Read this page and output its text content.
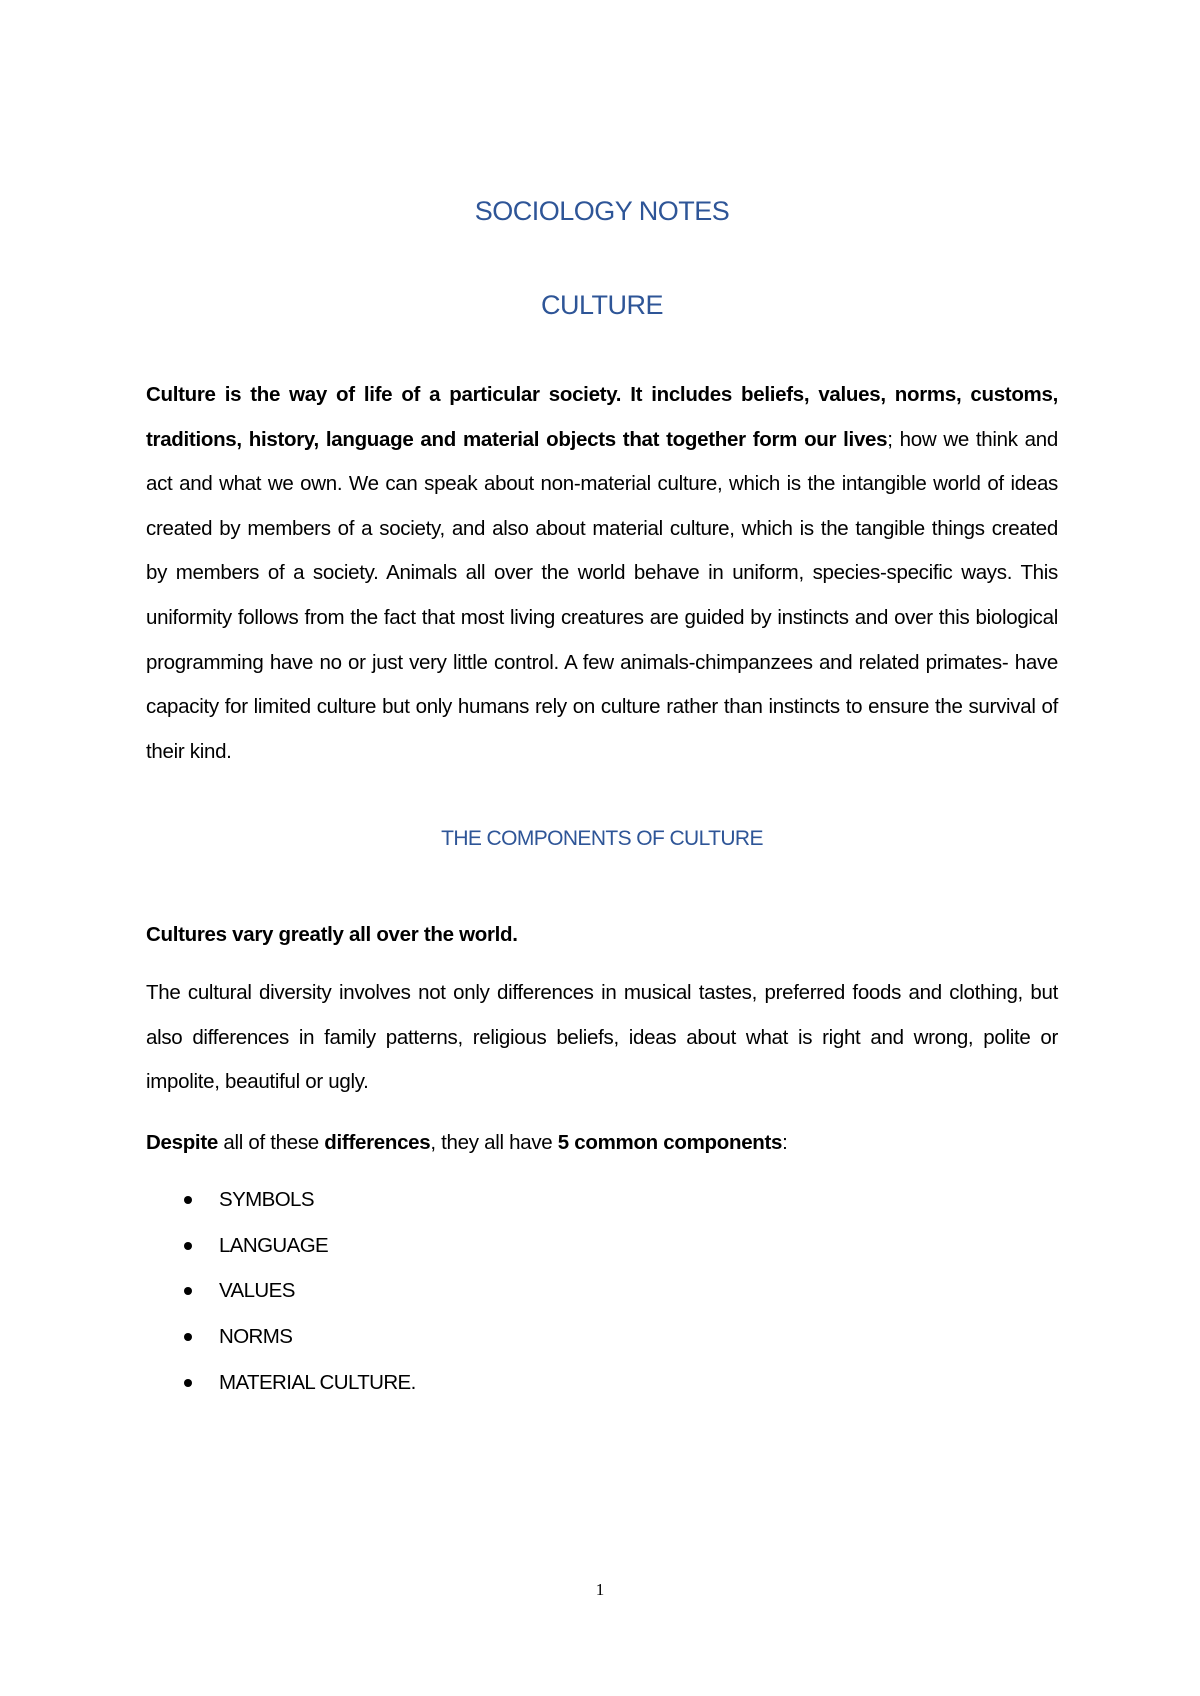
SOCIOLOGY NOTES
CULTURE

Culture is the way of life of a particular society. It includes beliefs, values, norms, customs, traditions, history, language and material objects that together form our lives; how we think and act and what we own. We can speak about non-material culture, which is the intangible world of ideas created by members of a society, and also about material culture, which is the tangible things created by members of a society. Animals all over the world behave in uniform, species-specific ways. This uniformity follows from the fact that most living creatures are guided by instincts and over this biological programming have no or just very little control. A few animals-chimpanzees and related primates- have capacity for limited culture but only humans rely on culture rather than instincts to ensure the survival of their kind.

THE COMPONENTS OF CULTURE

Cultures vary greatly all over the world.

The cultural diversity involves not only differences in musical tastes, preferred foods and clothing, but also differences in family patterns, religious beliefs, ideas about what is right and wrong, polite or impolite, beautiful or ugly.

Despite all of these differences, they all have 5 common components:

SYMBOLS
LANGUAGE
VALUES
NORMS
MATERIAL CULTURE.

1
